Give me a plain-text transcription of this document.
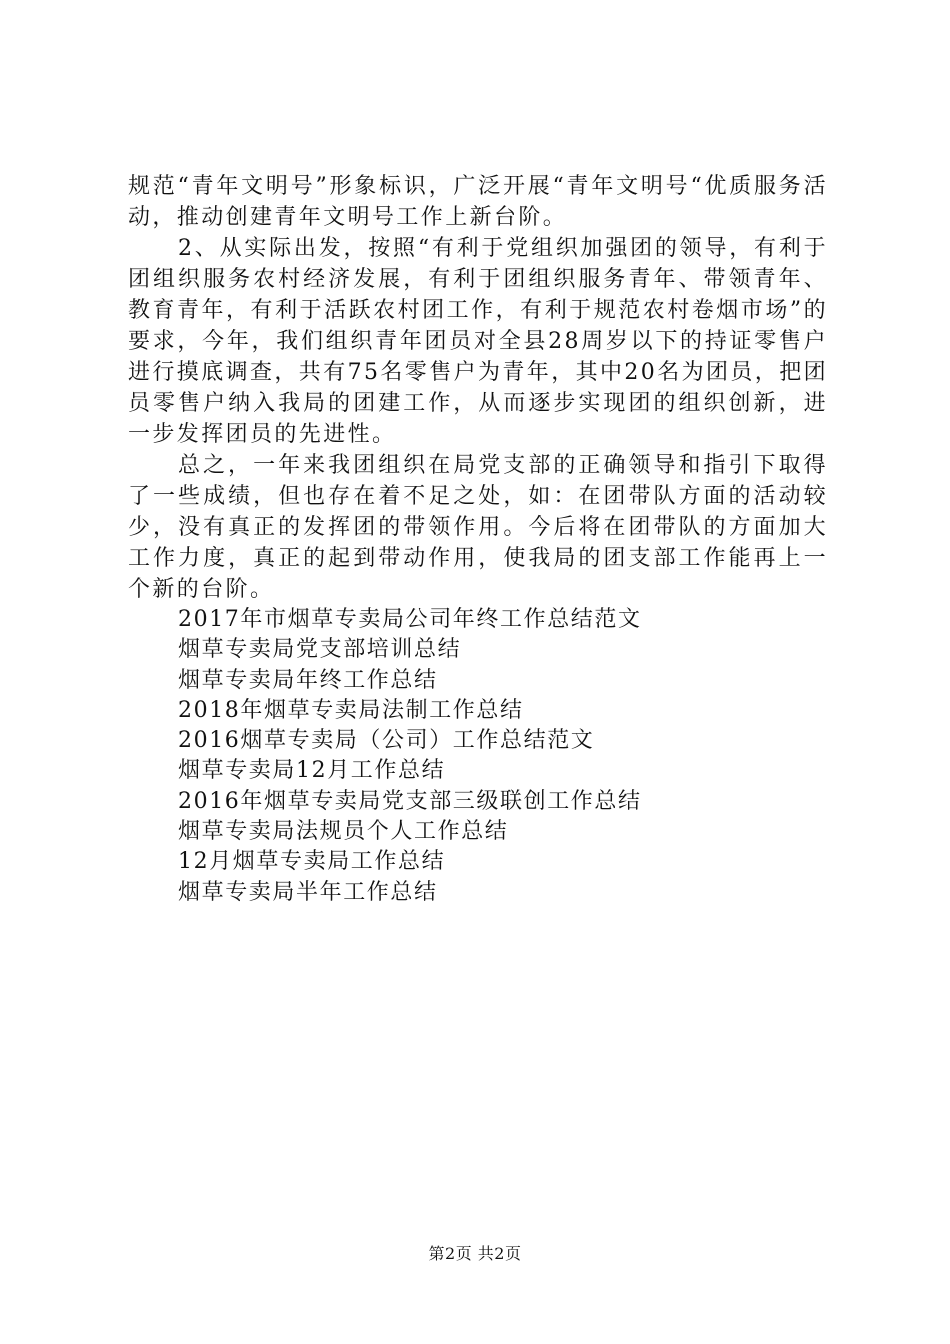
规范“青年文明号”形象标识，广泛开展“青年文明号“优质服务活动，推动创建青年文明号工作上新台阶。

2、从实际出发，按照“有利于党组织加强团的领导，有利于团组织服务农村经济发展，有利于团组织服务青年、带领青年、教育青年，有利于活跃农村团工作，有利于规范农村卷烟市场”的要求，今年，我们组织青年团员对全县28周岁以下的持证零售户进行摸底调查，共有75名零售户为青年，其中20名为团员，把团员零售户纳入我局的团建工作，从而逐步实现团的组织创新，进一步发挥团员的先进性。

总之，一年来我团组织在局党支部的正确领导和指引下取得了一些成绩，但也存在着不足之处，如：在团带队方面的活动较少，没有真正的发挥团的带领作用。今后将在团带队的方面加大工作力度，真正的起到带动作用，使我局的团支部工作能再上一个新的台阶。

2017年市烟草专卖局公司年终工作总结范文
烟草专卖局党支部培训总结
烟草专卖局年终工作总结
2018年烟草专卖局法制工作总结
2016烟草专卖局（公司）工作总结范文
烟草专卖局12月工作总结
2016年烟草专卖局党支部三级联创工作总结
烟草专卖局法规员个人工作总结
12月烟草专卖局工作总结
烟草专卖局半年工作总结
第2页 共2页
